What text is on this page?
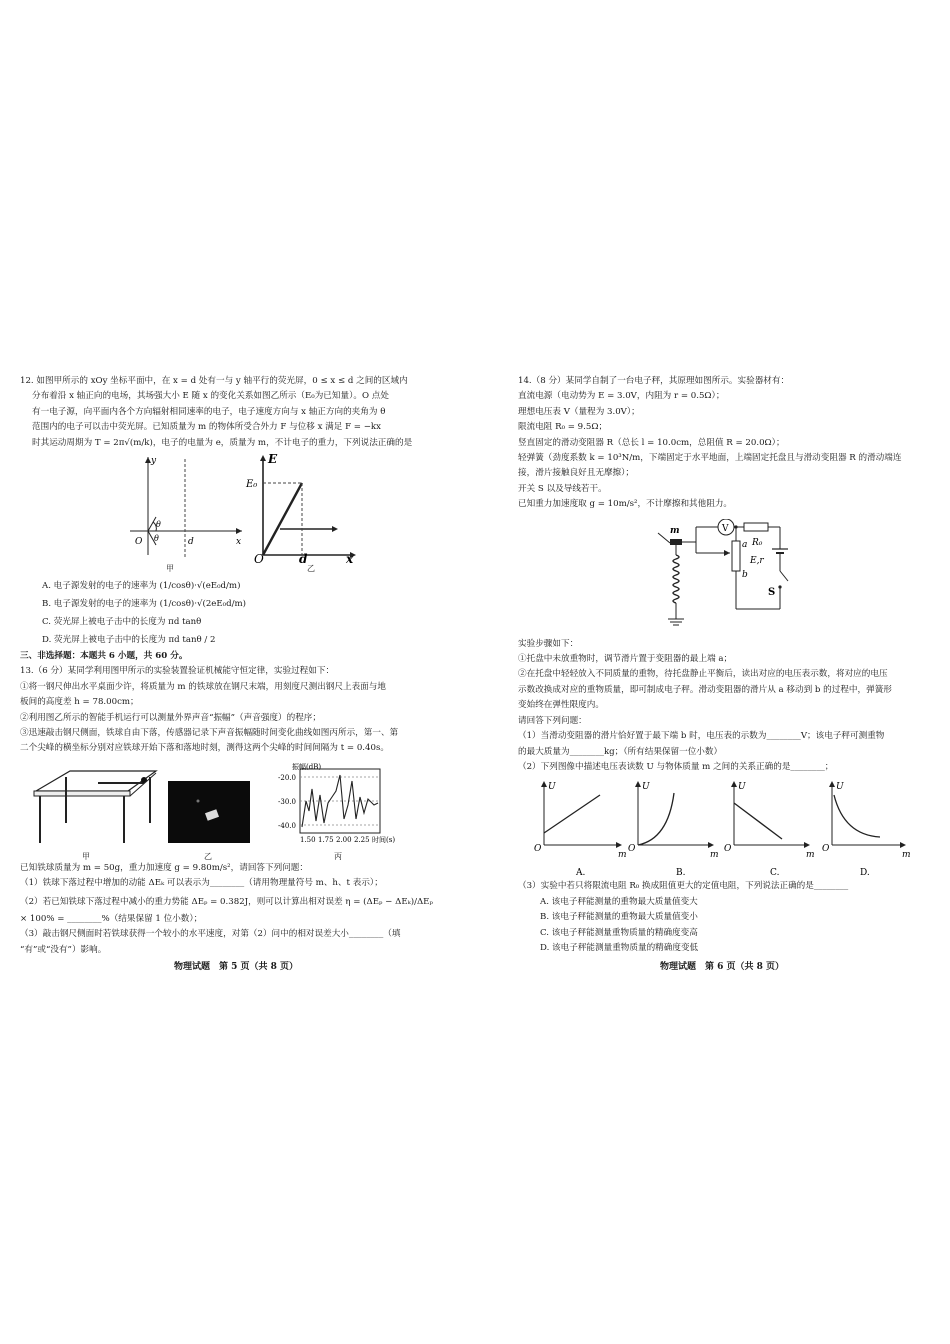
12. 如图甲所示的 xOy 坐标平面中，在 x = d 处有一与 y 轴平行的荧光屏，0 ≤ x ≤ d 之间的区域内

分布着沿 x 轴正向的电场，其场强大小 E 随 x 的变化关系如图乙所示（E₀为已知量）。O 点处

有一电子源，向平面内各个方向辐射相同速率的电子，电子速度方向与 x 轴正方向的夹角为 θ

范围内的电子可以击中荧光屏。已知质量为 m 的物体所受合外力 F 与位移 x 满足 F = −kx

时其运动周期为 T = 2π√(m/k)，电子的电量为 e，质量为 m，不计电子的重力，下列说法正确的是

y
x
O
θ
θ	d
E
E₀
O	d	x
甲	乙

A. 电子源发射的电子的速率为 (1/cosθ)·√(eE₀d/m)

B. 电子源发射的电子的速率为 (1/cosθ)·√(2eE₀d/m)

C. 荧光屏上被电子击中的长度为 πd tanθ

D. 荧光屏上被电子击中的长度为 πd tanθ / 2

三、非选择题：本题共 6 小题，共 60 分。

13.（6 分）某同学利用图甲所示的实验装置验证机械能守恒定律，实验过程如下：

①将一钢尺伸出水平桌面少许，将质量为 m 的铁球放在钢尺末端，用刻度尺测出钢尺上表面与地

板间的高度差 h = 78.00cm；

②利用图乙所示的智能手机运行可以测量外界声音“振幅”（声音强度）的程序；

③迅速敲击钢尺侧面，铁球自由下落，传感器记录下声音振幅随时间变化曲线如图丙所示，第一、第

二个尖峰的横坐标分别对应铁球开始下落和落地时刻，测得这两个尖峰的时间间隔为 t = 0.40s。

振幅(dB)
-20.0
-30.0
-40.0
1.50 1.75 2.00 2.25 时间(s)
甲	乙	丙

已知铁球质量为 m = 50g，重力加速度 g = 9.80m/s²，请回答下列问题：

（1）铁球下落过程中增加的动能 ΔEₖ 可以表示为________（请用物理量符号 m、h、t 表示）；

（2）若已知铁球下落过程中减小的重力势能 ΔEₚ = 0.382J，则可以计算出相对误差 η = (ΔEₚ − ΔEₖ)/ΔEₚ

× 100% = ________%（结果保留 1 位小数）；

（3）敲击钢尺侧面时若铁球获得一个较小的水平速度，对第（2）问中的相对误差大小________（填

“有”或“没有”）影响。

物理试题　第 5 页（共 8 页）

14.（8 分）某同学自制了一台电子秤，其原理如图所示。实验器材有：

直流电源（电动势为 E = 3.0V，内阻为 r = 0.5Ω）；

理想电压表 V（量程为 3.0V）；

限流电阻 R₀ = 9.5Ω；

竖直固定的滑动变阻器 R（总长 l = 10.0cm，总阻值 R = 20.0Ω）；

轻弹簧（劲度系数 k = 10³N/m，下端固定于水平地面，上端固定托盘且与滑动变阻器 R 的滑动端连

接，滑片接触良好且无摩擦）；

开关 S 以及导线若干。

已知重力加速度取 g = 10m/s²，不计摩擦和其他阻力。

m	V
a
b
R₀
E,r
S

实验步骤如下：

①托盘中未放重物时，调节滑片置于变阻器的最上端 a；

②在托盘中轻轻放入不同质量的重物，待托盘静止平衡后，读出对应的电压表示数，将对应的电压

示数改换成对应的重物质量，即可制成电子秤。滑动变阻器的滑片从 a 移动到 b 的过程中，弹簧形

变始终在弹性限度内。

请回答下列问题：

（1）当滑动变阻器的滑片恰好置于最下端 b 时，电压表的示数为________V；该电子秤可测重物

的最大质量为________kg；（所有结果保留一位小数）

（2）下列图像中描述电压表读数 U 与物体质量 m 之间的关系正确的是________；

U
O
m
U
O
m
U
O
m
U
O
m
A.	B.	C.	D.

（3）实验中若只将限流电阻 R₀ 换成阻值更大的定值电阻，下列说法正确的是________

A. 该电子秤能测量的重物最大质量值变大

B. 该电子秤能测量的重物最大质量值变小

C. 该电子秤能测量重物质量的精确度变高

D. 该电子秤能测量重物质量的精确度变低

物理试题　第 6 页（共 8 页）
